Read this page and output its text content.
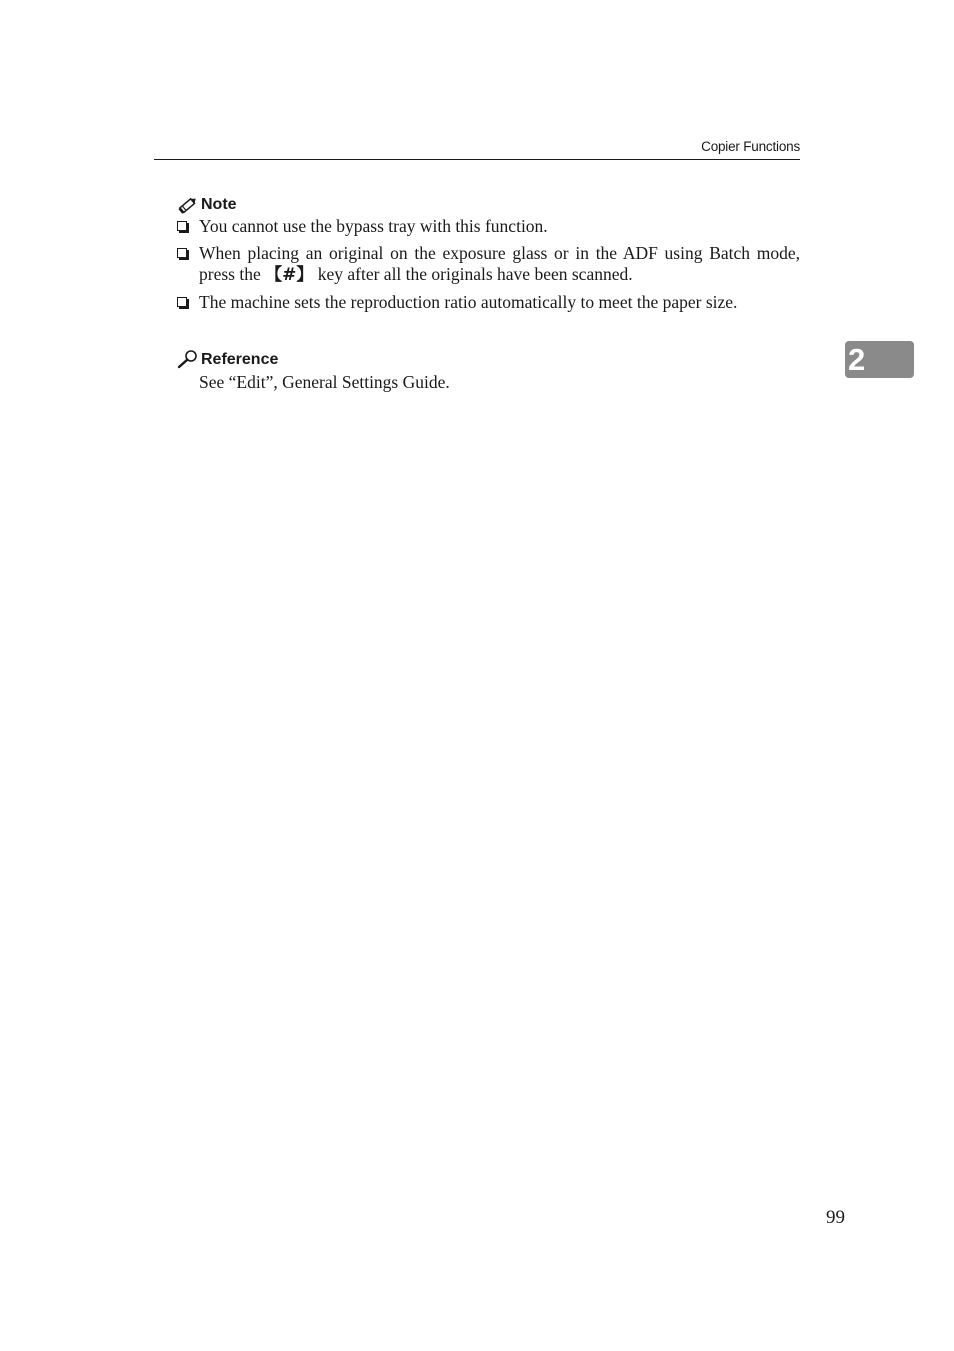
Copier Functions
Note
You cannot use the bypass tray with this function.
When placing an original on the exposure glass or in the ADF using Batch mode, press the 【#】 key after all the originals have been scanned.
The machine sets the reproduction ratio automatically to meet the paper size.
Reference
See “Edit”, General Settings Guide.
2
99
